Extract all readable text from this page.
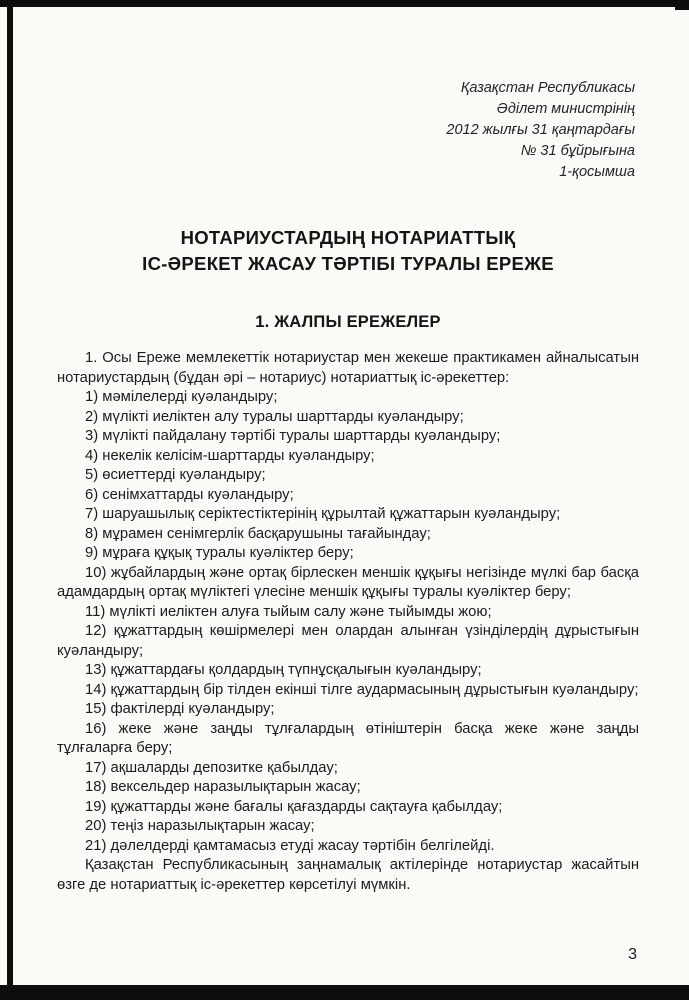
Қазақстан Республикасы
Әділет министрінің
2012 жылғы 31 қаңтардағы
№ 31 бұйрығына
1-қосымша
НОТАРИУСТАРДЫҢ НОТАРИАТТЫҚ
ІС-ӘРЕКЕТ ЖАСАУ ТӘРТІБІ ТУРАЛЫ ЕРЕЖЕ
1. ЖАЛПЫ ЕРЕЖЕЛЕР

1. Осы Ереже мемлекеттік нотариустар мен жекеше практикамен айналысатын нотариустардың (бұдан әрі – нотариус) нотариаттық іс-әрекеттер:

1) мәмілелерді куәландыру;

2) мүлікті иеліктен алу туралы шарттарды куәландыру;

3) мүлікті пайдалану тәртібі туралы шарттарды куәландыру;

4) некелік келісім-шарттарды куәландыру;

5) өсиеттерді куәландыру;

6) сенімхаттарды куәландыру;

7) шаруашылық серіктестіктерінің құрылтай құжаттарын куәландыру;

8) мұрамен сенімгерлік басқарушыны тағайындау;

9) мұраға құқық туралы куәліктер беру;

10) жұбайлардың және ортақ бірлескен меншік құқығы негізінде мүлкі бар басқа адамдардың ортақ мүліктегі үлесіне меншік құқығы туралы куәліктер беру;

11) мүлікті иеліктен алуға тыйым салу және тыйымды жою;

12) құжаттардың көшірмелері мен олардан алынған үзінділердің дұрыстығын куәландыру;

13) құжаттардағы қолдардың түпнұсқалығын куәландыру;

14) құжаттардың бір тілден екінші тілге аудармасының дұрыстығын куәландыру;

15) фактілерді куәландыру;

16) жеке және заңды тұлғалардың өтініштерін басқа жеке және заңды тұлғаларға беру;

17) ақшаларды депозитке қабылдау;

18) вексельдер наразылықтарын жасау;

19) құжаттарды және бағалы қағаздарды сақтауға қабылдау;

20) теңіз наразылықтарын жасау;

21) дәлелдерді қамтамасыз етуді жасау тәртібін белгілейді.

Қазақстан Республикасының заңнамалық актілерінде нотариустар жасайтын өзге де нотариаттық іс-әрекеттер көрсетілуі мүмкін.

3
